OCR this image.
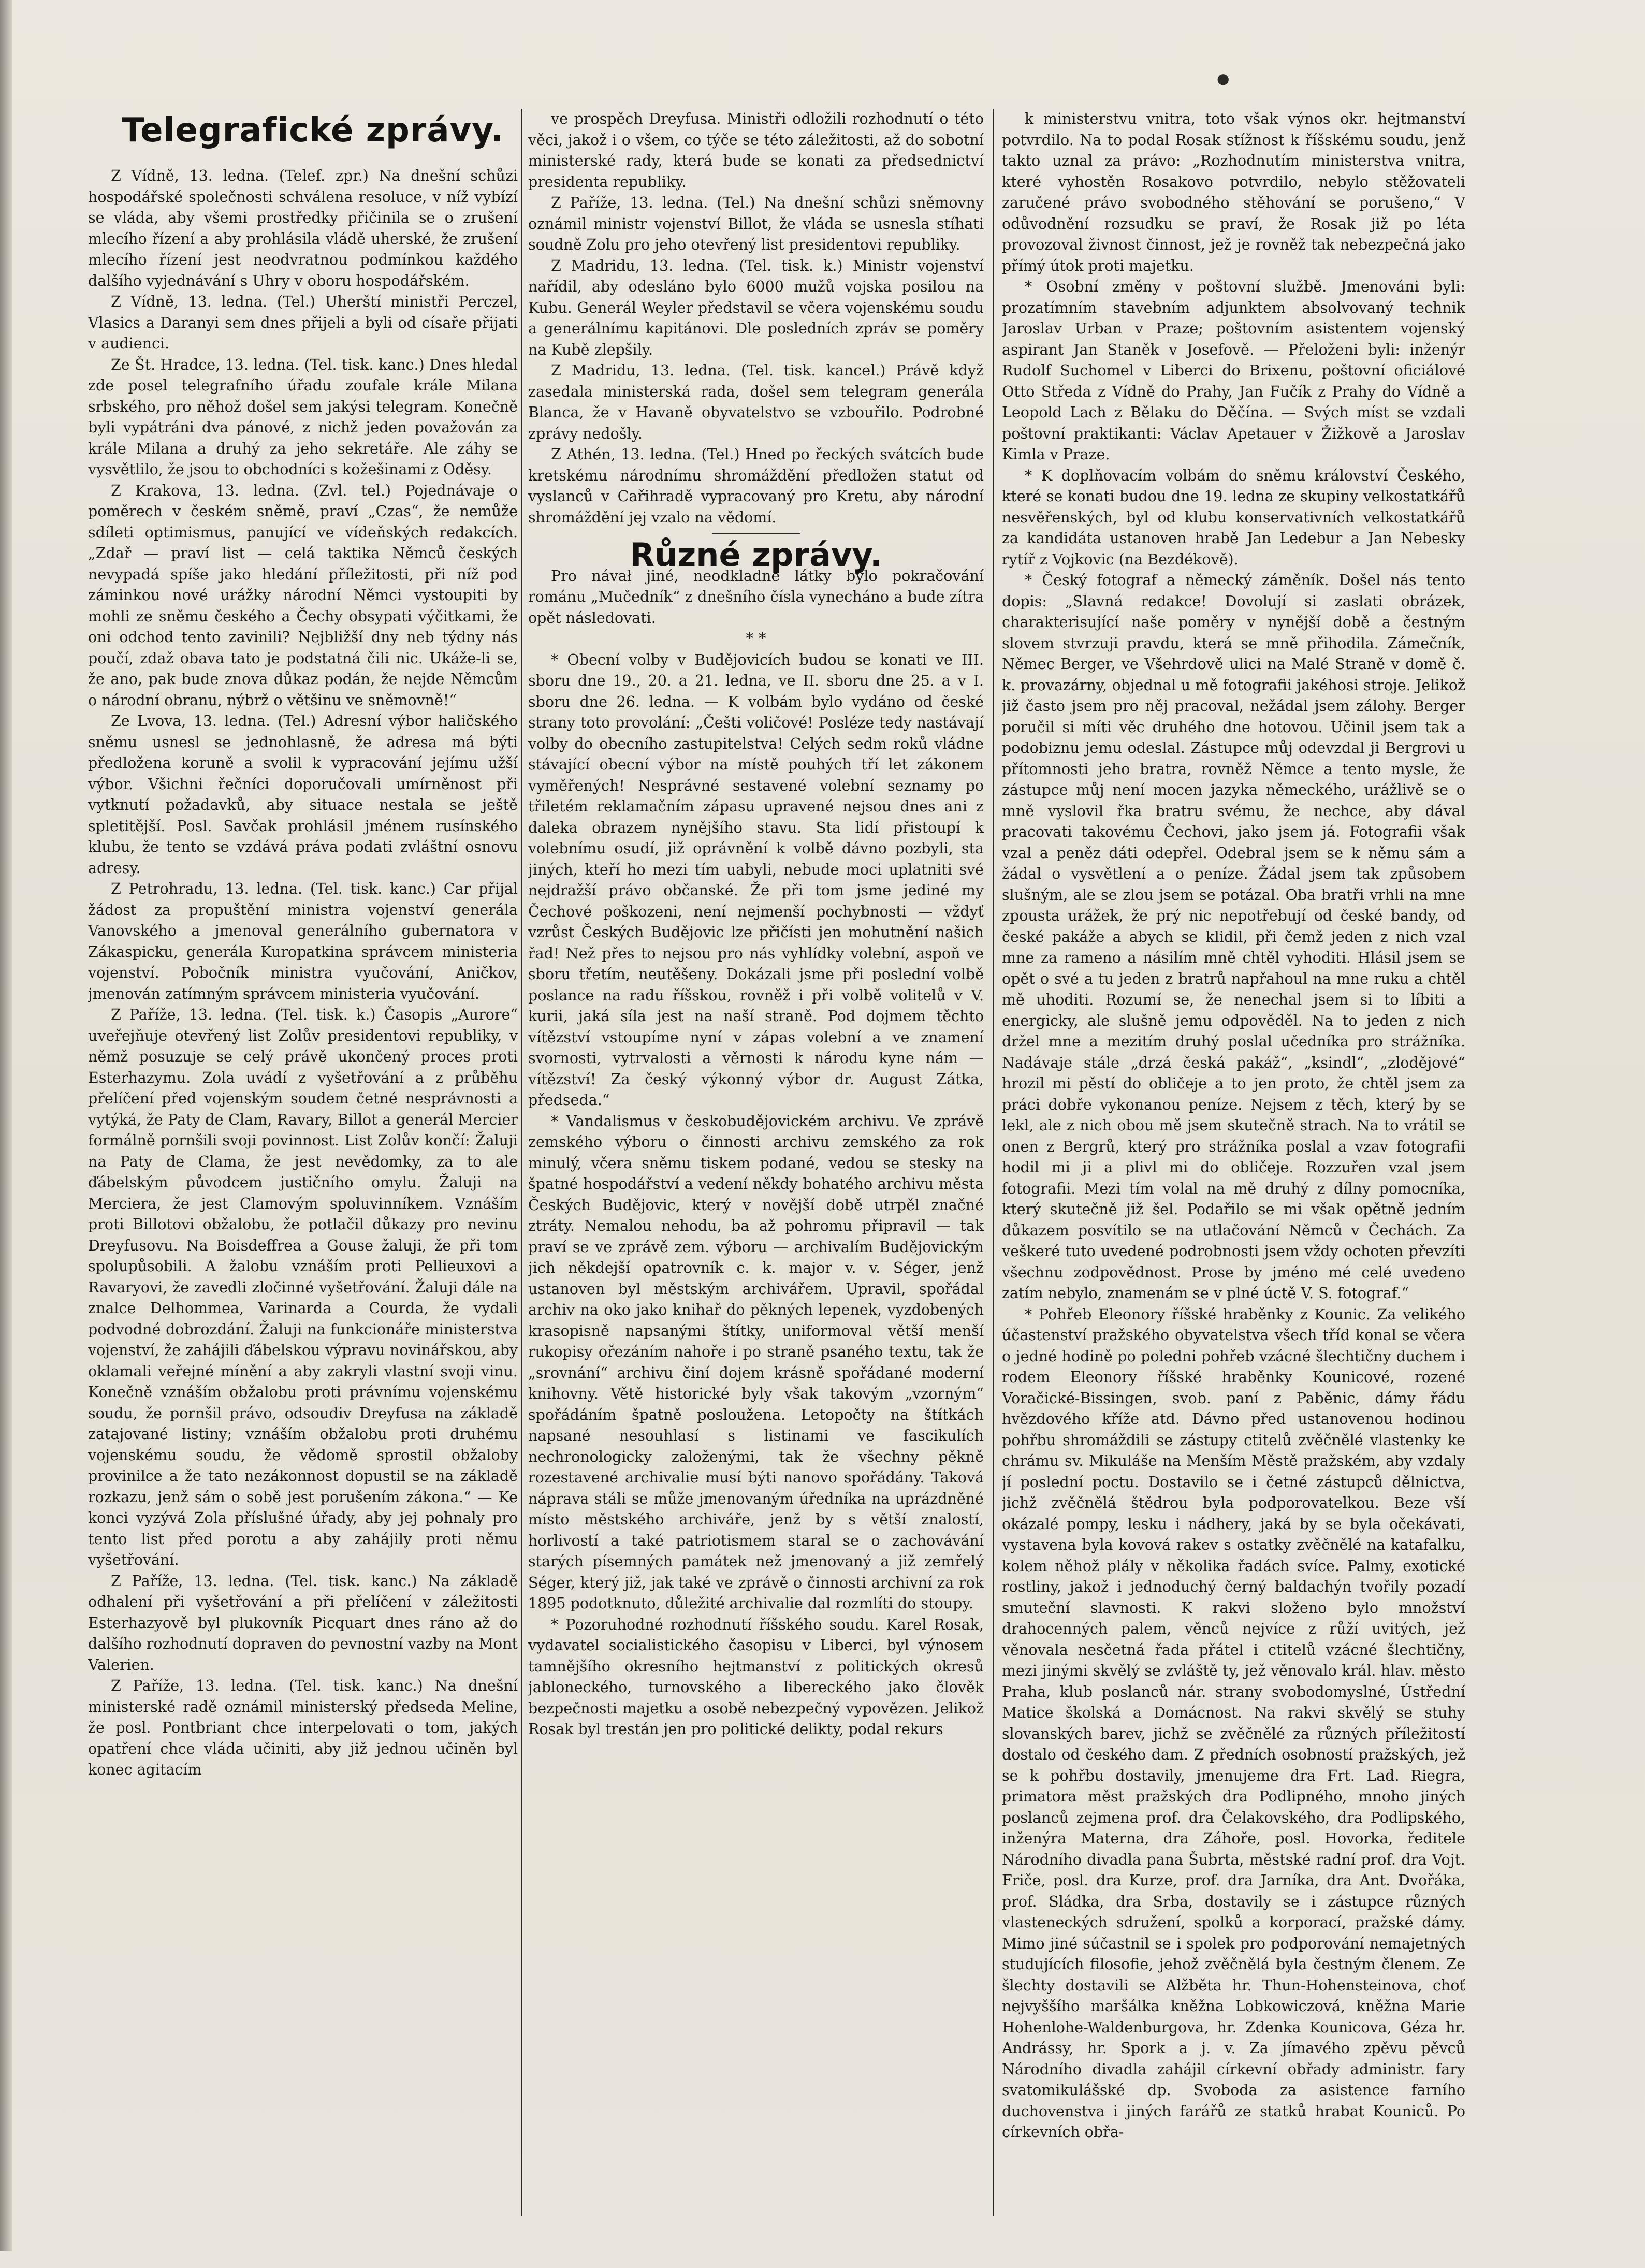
●
Telegrafické zprávy.

Z Vídně, 13. ledna. (Telef. zpr.) Na dnešní schůzi hospodářské společnosti schválena resoluce, v níž vybízí se vláda, aby všemi prostředky přičinila se o zrušení mlecího řízení a aby prohlásila vládě uherské, že zrušení mlecího řízení jest neodvratnou podmínkou každého dalšího vyjednávání s Uhry v oboru hospodářském.

Z Vídně, 13. ledna. (Tel.) Uherští ministři Perczel, Vlasics a Daranyi sem dnes přijeli a byli od císaře přijati v audienci.

Ze Št. Hradce, 13. ledna. (Tel. tisk. kanc.) Dnes hledal zde posel telegrafního úřadu zoufale krále Milana srbského, pro něhož došel sem jakýsi telegram. Konečně byli vypátráni dva pánové, z nichž jeden považován za krále Milana a druhý za jeho sekretáře. Ale záhy se vysvětlilo, že jsou to obchodníci s kožešinami z Oděsy.

Z Krakova, 13. ledna. (Zvl. tel.) Pojednávaje o poměrech v českém sněmě, praví „Czas“, že nemůže sdíleti optimismus, panující ve vídeňských redakcích. „Zdař — praví list — celá taktika Němců českých nevypadá spíše jako hledání příležitosti, při níž pod záminkou nové urážky národní Němci vystoupiti by mohli ze sněmu českého a Čechy obsypati výčitkami, že oni odchod tento zavinili? Nejbližší dny neb týdny nás poučí, zdaž obava tato je podstatná čili nic. Ukáže-li se, že ano, pak bude znova důkaz podán, že nejde Němcům o národní obranu, nýbrž o většinu ve sněmovně!“

Ze Lvova, 13. ledna. (Tel.) Adresní výbor haličského sněmu usnesl se jednohlasně, že adresa má býti předložena koruně a svolil k vypracování jejímu užší výbor. Všichni řečníci doporučovali umírněnost při vytknutí požadavků, aby situace nestala se ještě spletitější. Posl. Savčak prohlásil jménem rusínského klubu, že tento se vzdává práva podati zvláštní osnovu adresy.

Z Petrohradu, 13. ledna. (Tel. tisk. kanc.) Car přijal žádost za propuštění ministra vojenství generála Vanovského a jmenoval generálního gubernatora v Zákaspicku, generála Kuropatkina správcem ministeria vojenství. Pobočník ministra vyučování, Aničkov, jmenován zatímným správcem ministeria vyučování.

Z Paříže, 13. ledna. (Tel. tisk. k.) Časopis „Aurore“ uveřejňuje otevřený list Zolův presidentovi republiky, v němž posuzuje se celý právě ukončený proces proti Esterhazymu. Zola uvádí z vyšetřování a z průběhu přelíčení před vojenským soudem četné nesprávnosti a vytýká, že Paty de Clam, Ravary, Billot a generál Mercier formálně pornšili svoji povinnost. List Zolův končí: Žaluji na Paty de Clama, že jest nevědomky, za to ale ďábelským původcem justičního omylu. Žaluji na Merciera, že jest Clamovým spoluvinníkem. Vznáším proti Billotovi obžalobu, že potlačil důkazy pro nevinu Dreyfusovu. Na Boisdeffrea a Gouse žaluji, že při tom spolupůsobili. A žalobu vznáším proti Pellieuxovi a Ravaryovi, že zavedli zločinné vyšetřování. Žaluji dále na znalce Delhommea, Varinarda a Courda, že vydali podvodné dobrozdání. Žaluji na funkcionáře ministerstva vojenství, že zahájili ďábelskou výpravu novinářskou, aby oklamali veřejné mínění a aby zakryli vlastní svoji vinu. Konečně vznáším obžalobu proti právnímu vojenskému soudu, že pornšil právo, odsoudiv Dreyfusa na základě zatajované listiny; vznáším obžalobu proti druhému vojenskému soudu, že vědomě sprostil obžaloby provinilce a že tato nezákonnost dopustil se na základě rozkazu, jenž sám o sobě jest porušením zákona.“ — Ke konci vyzývá Zola příslušné úřady, aby jej pohnaly pro tento list před porotu a aby zahájily proti němu vyšetřování.

Z Paříže, 13. ledna. (Tel. tisk. kanc.) Na základě odhalení při vyšetřování a při přelíčení v záležitosti Esterhazyově byl plukovník Picquart dnes ráno až do dalšího rozhodnutí dopraven do pevnostní vazby na Mont Valerien.

Z Paříže, 13. ledna. (Tel. tisk. kanc.) Na dnešní ministerské radě oznámil ministerský předseda Meline, že posl. Pontbriant chce interpelovati o tom, jakých opatření chce vláda učiniti, aby již jednou učiněn byl konec agitacím

ve prospěch Dreyfusa. Ministři odložili rozhodnutí o této věci, jakož i o všem, co týče se této záležitosti, až do sobotní ministerské rady, která bude se konati za předsednictví presidenta republiky.

Z Paříže, 13. ledna. (Tel.) Na dnešní schůzi sněmovny oznámil ministr vojenství Billot, že vláda se usnesla stíhati soudně Zolu pro jeho otevřený list presidentovi republiky.

Z Madridu, 13. ledna. (Tel. tisk. k.) Ministr vojenství nařídil, aby odesláno bylo 6000 mužů vojska posilou na Kubu. Generál Weyler představil se včera vojenskému soudu a generálnímu kapitánovi. Dle posledních zpráv se poměry na Kubě zlepšily.

Z Madridu, 13. ledna. (Tel. tisk. kancel.) Právě když zasedala ministerská rada, došel sem telegram generála Blanca, že v Havaně obyvatelstvo se vzbouřilo. Podrobné zprávy nedošly.

Z Athén, 13. ledna. (Tel.) Hned po řeckých svátcích bude kretskému národnímu shromáždění předložen statut od vyslanců v Cařihradě vypracovaný pro Kretu, aby národní shromáždění jej vzalo na vědomí.

Různé zprávy.

Pro návał jiné, neodkladné látky bylo pokračování románu „Mučedník“ z dnešního čísla vynecháno a bude zítra opět následovati.

* *

* Obecní volby v Budějovicích budou se konati ve III. sboru dne 19., 20. a 21. ledna, ve II. sboru dne 25. a v I. sboru dne 26. ledna. — K volbám bylo vydáno od české strany toto provolání: „Češti voličové! Posléze tedy nastávají volby do obecního zastupitelstva! Celých sedm roků vládne stávající obecní výbor na místě pouhých tří let zákonem vyměřených! Nesprávné sestavené volební seznamy po třiletém reklamačním zápasu upravené nejsou dnes ani z daleka obrazem nynějšího stavu. Sta lidí přistoupí k volebnímu osudí, již oprávnění k volbě dávno pozbyli, sta jiných, kteří ho mezi tím uabyli, nebude moci uplatniti své nejdražší právo občanské. Že při tom jsme jediné my Čechové poškozeni, není nejmenší pochybnosti — vždyť vzrůst Českých Budějovic lze přičísti jen mohutnění našich řad! Než přes to nejsou pro nás vyhlídky volební, aspoň ve sboru třetím, neutěšeny. Dokázali jsme při poslední volbě poslance na radu říšskou, rovněž i při volbě volitelů v V. kurii, jaká síla jest na naší straně. Pod dojmem těchto vítězství vstoupíme nyní v zápas volební a ve znamení svornosti, vytrvalosti a věrnosti k národu kyne nám — vítězství! Za český výkonný výbor dr. August Zátka, předseda.“

* Vandalismus v českobudějovickém archivu. Ve zprávě zemského výboru o činnosti archivu zemského za rok minulý, včera sněmu tiskem podané, vedou se stesky na špatné hospodářství a vedení někdy bohatého archivu města Českých Budějovic, který v novější době utrpěl značné ztráty. Nemalou nehodu, ba až pohromu připravil — tak praví se ve zprávě zem. výboru — archivalím Budějovickým jich někdejší opatrovník c. k. major v. v. Séger, jenž ustanoven byl městským archivářem. Upravil, spořádal archiv na oko jako knihař do pěkných lepenek, vyzdobených krasopisně napsanými štítky, uniformoval větší menší rukopisy ořezáním nahoře i po straně psaného textu, tak že „srovnání“ archivu činí dojem krásně spořádané moderní knihovny. Větě historické byly však takovým „vzorným“ spořádáním špatně posloužena. Letopočty na štítkách napsané nesouhlasí s listinami ve fascikulích nechronologicky založenými, tak že všechny pěkně rozestavené archivalie musí býti nanovo spořádány. Taková náprava stáli se může jmenovaným úředníka na uprázdněné místo městského archiváře, jenž by s větší znalostí, horlivostí a také patriotismem staral se o zachovávání starých písemných památek než jmenovaný a již zemřelý Séger, který již, jak také ve zprávě o činnosti archivní za rok 1895 podotknuto, důležité archivalie dal rozmlíti do stoupy.

* Pozoruhodné rozhodnutí říšského soudu. Karel Rosak, vydavatel socialistického časopisu v Liberci, byl výnosem tamnějšího okresního hejtmanství z politických okresů jabloneckého, turnovského a libereckého jako člověk bezpečnosti majetku a osobě nebezpečný vypovězen. Jelikož Rosak byl trestán jen pro politické delikty, podal rekurs

k ministerstvu vnitra, toto však výnos okr. hejtmanství potvrdilo. Na to podal Rosak stížnost k říšskému soudu, jenž takto uznal za právo: „Rozhodnutím ministerstva vnitra, které vyhostěn Rosakovo potvrdilo, nebylo stěžovateli zaručené právo svobodného stěhování se porušeno,“ V odůvodnění rozsudku se praví, že Rosak již po léta provozoval živnost činnost, jež je rovněž tak nebezpečná jako přímý útok proti majetku.

* Osobní změny v poštovní službě. Jmenováni byli: prozatímním stavebním adjunktem absolvovaný technik Jaroslav Urban v Praze; poštovním asistentem vojenský aspirant Jan Staněk v Josefově. — Přeloženi byli: inženýr Rudolf Suchomel v Liberci do Brixenu, poštovní oficiálové Otto Středa z Vídně do Prahy, Jan Fučík z Prahy do Vídně a Leopold Lach z Bělaku do Děčína. — Svých míst se vzdali poštovní praktikanti: Václav Apetauer v Žižkově a Jaroslav Kimla v Praze.

* K doplňovacím volbám do sněmu království Českého, které se konati budou dne 19. ledna ze skupiny velkostatkářů nesvěřenských, byl od klubu konservativních velkostatkářů za kandidáta ustanoven hrabě Jan Ledebur a Jan Nebesky rytíř z Vojkovic (na Bezdékově).

* Český fotograf a německý záměník. Došel nás tento dopis: „Slavná redakce! Dovolují si zaslati obrázek, charakterisující naše poměry v nynější době a čestným slovem stvrzuji pravdu, která se mně přihodila. Zámečník, Němec Berger, ve Všehrdově ulici na Malé Straně v domě č. k. provazárny, objednal u mě fotografii jakéhosi stroje. Jelikož již často jsem pro něj pracoval, nežádal jsem zálohy. Berger poručil si míti věc druhého dne hotovou. Učinil jsem tak a podobiznu jemu odeslal. Zástupce můj odevzdal ji Bergrovi u přítomnosti jeho bratra, rovněž Němce a tento mysle, že zástupce můj není mocen jazyka německého, urážlivě se o mně vyslovil řka bratru svému, že nechce, aby dával pracovati takovému Čechovi, jako jsem já. Fotografii však vzal a peněz dáti odepřel. Odebral jsem se k němu sám a žádal o vysvětlení a o peníze. Žádal jsem tak způsobem slušným, ale se zlou jsem se potázal. Oba bratři vrhli na mne zpousta urážek, že prý nic nepotřebují od české bandy, od české pakáže a abych se klidil, při čemž jeden z nich vzal mne za rameno a násilím mně chtěl vyhoditi. Hlásil jsem se opět o své a tu jeden z bratrů napřahoul na mne ruku a chtěl mě uhoditi. Rozumí se, že nenechal jsem si to líbiti a energicky, ale slušně jemu odpověděl. Na to jeden z nich držel mne a mezitím druhý poslal učedníka pro strážníka. Nadávaje stále „drzá česká pakáž“, „ksindl“, „zlodějové“ hrozil mi pěstí do obličeje a to jen proto, že chtěl jsem za práci dobře vykonanou peníze. Nejsem z těch, který by se lekl, ale z nich obou mě jsem skutečně strach. Na to vrátil se onen z Bergrů, který pro strážníka poslal a vzav fotografii hodil mi ji a plivl mi do obličeje. Rozzuřen vzal jsem fotografii. Mezi tím volal na mě druhý z dílny pomocníka, který skutečně již šel. Podařilo se mi však opětně jedním důkazem posvítilo se na utlačování Němců v Čechách. Za veškeré tuto uvedené podrobnosti jsem vždy ochoten převzíti všechnu zodpovědnost. Prose by jméno mé celé uvedeno zatím nebylo, znamenám se v plné úctě V. S. fotograf.“

* Pohřeb Eleonory říšské hraběnky z Kounic. Za velikého účastenství pražského obyvatelstva všech tříd konal se včera o jedné hodině po poledni pohřeb vzácné šlechtičny duchem i rodem Eleonory říšské hraběnky Kounicové, rozené Voračické-Bissingen, svob. paní z Paběnic, dámy řádu hvězdového kříže atd. Dávno před ustanovenou hodinou pohřbu shromáždili se zástupy ctitelů zvěčnělé vlastenky ke chrámu sv. Mikuláše na Menším Městě pražském, aby vzdaly jí poslední poctu. Dostavilo se i četné zástupců dělnictva, jichž zvěčnělá štědrou byla podporovatelkou. Beze vší okázalé pompy, lesku i nádhery, jaká by se byla očekávati, vystavena byla kovová rakev s ostatky zvěčnělé na katafalku, kolem něhož plály v několika řadách svíce. Palmy, exotické rostliny, jakož i jednoduchý černý baldachýn tvořily pozadí smuteční slavnosti. K rakvi složeno bylo množství drahocenných palem, věnců nejvíce z růží uvitých, jež věnovala nesčetná řada přátel i ctitelů vzácné šlechtičny, mezi jinými skvělý se zvláště ty, jež věnovalo král. hlav. město Praha, klub poslanců nár. strany svobodomyslné, Ústřední Matice školská a Domácnost. Na rakvi skvělý se stuhy slovanských barev, jichž se zvěčnělé za různých příležitostí dostalo od českého dam. Z předních osobností pražských, jež se k pohřbu dostavily, jmenujeme dra Frt. Lad. Riegra, primatora měst pražských dra Podlipného, mnoho jiných poslanců zejmena prof. dra Čelakovského, dra Podlipského, inženýra Materna, dra Záhoře, posl. Hovorka, ředitele Národního divadla pana Šubrta, městské radní prof. dra Vojt. Friče, posl. dra Kurze, prof. dra Jarníka, dra Ant. Dvořáka, prof. Sládka, dra Srba, dostavily se i zástupce různých vlasteneckých sdružení, spolků a korporací, pražské dámy. Mimo jiné súčastnil se i spolek pro podporování nemajetných studujících filosofie, jehož zvěčnělá byla čestným členem. Ze šlechty dostavili se Alžběta hr. Thun-Hohensteinova, choť nejvyššího maršálka kněžna Lobkowiczová, kněžna Marie Hohenlohe-Waldenburgova, hr. Zdenka Kounicova, Géza hr. Andrássy, hr. Spork a j. v. Za jímavého zpěvu pěvců Národního divadla zahájil církevní obřady administr. fary svatomikulášské dp. Svoboda za asistence farního duchovenstva i jiných farářů ze statků hrabat Kouniců. Po církevních obřa-
